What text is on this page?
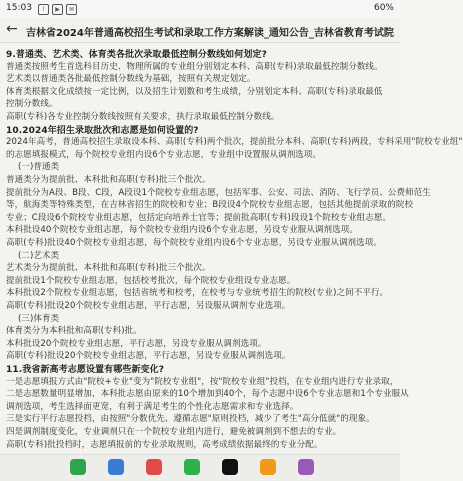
15:03	!	▶	✉	60%
← 吉林省2024年普通高校招生考试和录取工作方案解读_通知公告_吉林省教育考试院
9.普通类、艺术类、体育类各批次录取最低控制分数线如何划定?
普通类按照考生首选科目历史、物理所属的专业组分别划定本科、高职(专科)录取最低控制分数线。
艺术类以普通类各批最低控制分数线为基础，按照有关规定划定。
体育类根据文化成绩按一定比例，以及招生计划数和考生成绩，分别划定本科、高职(专科)录取最低
控制分数线。
高职(专科)各专业控制分数线按照有关要求，执行录取最低控制分数线。
10.2024年招生录取批次和志愿是如何设置的?
2024年高考，普通高校招生录取设本科、高职(专科)两个批次，提前批分本科、高职(专科)两段，专科采用"院校专业组"
的志愿填报模式，每个院校专业组内设6个专业志愿，专业组中设置服从调剂选项。
(一)普通类
普通类分为提前批、本科批和高职(专科)批三个批次。
提前批分为A段、B段、C段，A段设1个院校专业组志愿，包括军事、公安、司法、消防、飞行学员、公费师范生
等，航海类等特殊类型，在吉林省招生的院校和专业；B段设4个院校专业组志愿，包括其他提前录取的院校
专业；C段设6个院校专业组志愿，包括定向培养士官等；提前批高职(专科)段设1个院校专业组志愿。
本科批设40个院校专业组志愿，每个院校专业组内设6个专业志愿，另设专业服从调剂选项。
高职(专科)批设40个院校专业组志愿，每个院校专业组内设6个专业志愿，另设专业服从调剂选项。
(二)艺术类
艺术类分为提前批、本科批和高职(专科)批三个批次。
提前批设1个院校专业组志愿，包括校考批次，每个院校专业组设专业志愿。
本科批设2个院校专业组志愿，包括省统考和校考，在校考与专业统考招生的院校(专业)之间不平行。
高职(专科)批设20个院校专业组志愿，平行志愿，另设服从调剂专业选项。
(三)体育类
体育类分为本科批和高职(专科)批。
本科批设20个院校专业组志愿，平行志愿，另设专业服从调剂选项。
高职(专科)批设20个院校专业组志愿，平行志愿，另设专业服从调剂选项。
11.我省新高考志愿设置有哪些新变化?
一是志愿填报方式由"院校+专业"变为"院校专业组"，按"院校专业组"投档，在专业组内进行专业录取，
二是志愿数量明显增加，本科批志愿由原来的10个增加到40个，每个志愿中设6个专业志愿和1个专业服从
调剂选项，考生选择面更宽，有利于满足考生的个性化志愿需求和专业选择。
三是实行平行志愿投档，由按照"分数优先、遵循志愿"原则投档，减少了考生"高分低就"的现象。
四是调剂制度变化，专业调剂只在一个院校专业组内进行，避免被调剂到不想去的专业。
高职(专科)批投档时，志愿填报前的专业录取规则，高考成绩依据最终的专业分配。
